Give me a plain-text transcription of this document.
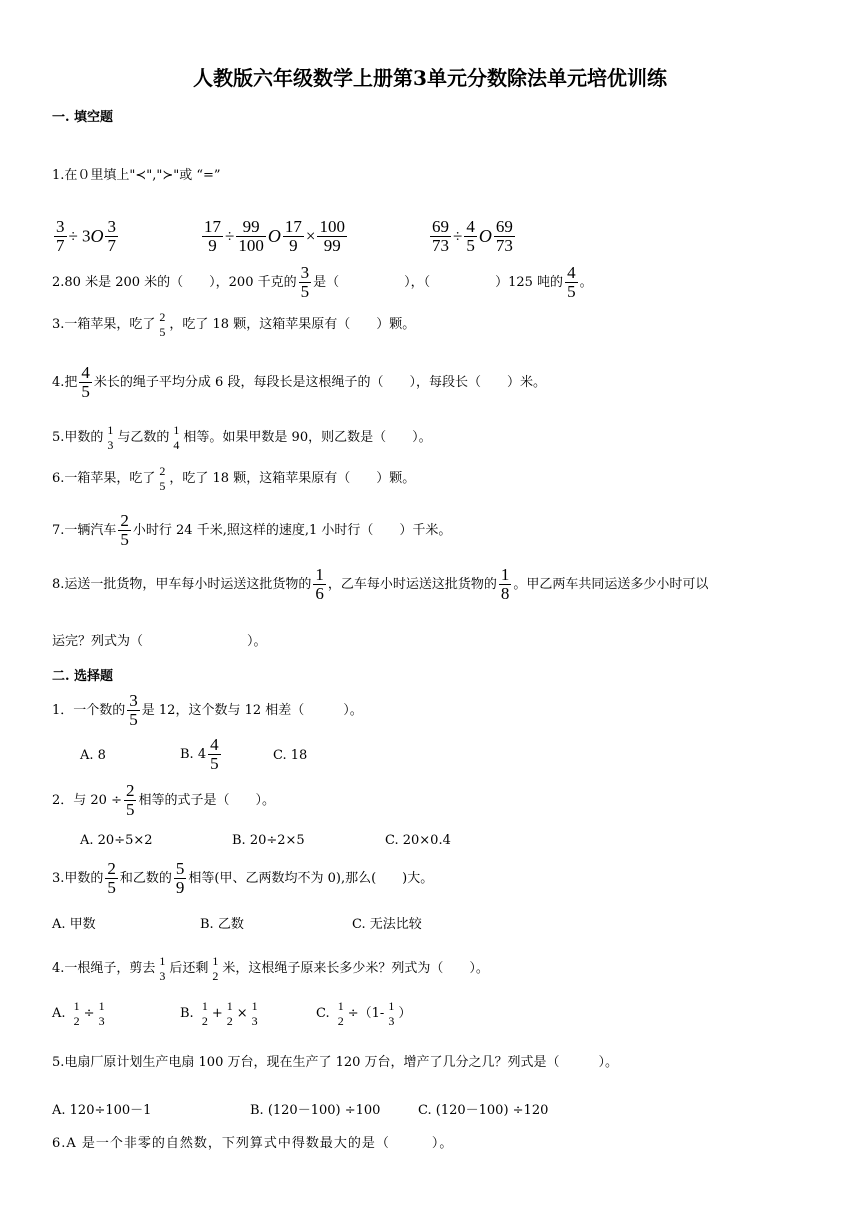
人教版六年级数学上册第3单元分数除法单元培优训练
一. 填空题
1.在０里填上"≺","≻"或 “=”
$\frac{3}{7} \div 3O \frac{3}{7}$	$\frac{17}{9} \div \frac{99}{100}$ O $\frac{17}{9} \times \frac{100}{99}$	$\frac{69}{73} \div \frac{4}{5}$ O $\frac{69}{73}$
2.80 米是 200 米的（　　），200 千克的 $\frac{3}{5}$ 是（　　　　　），（　　　　　）125 吨的 $\frac{4}{5}$ 。
3.一箱苹果，吃了
2
5 ，吃了 18 颗，这箱苹果原有（　　）颗。
4.把 $\frac{4}{5}$ 米长的绳子平均分成 6 段，每段长是这根绳子的（　　），每段长（　　）米。
5.甲数的
1
3 与乙数的
1
4 相等。如果甲数是 90，则乙数是（　　）。
6.一箱苹果，吃了
2
5 ，吃了 18 颗，这箱苹果原有（　　）颗。
7.一辆汽车 $\frac{2}{5}$ 小时行 24 千米,照这样的速度,1 小时行（　　）千米。
8.运送一批货物，甲车每小时运送这批货物的 $\frac{1}{6}$ ，乙车每小时运送这批货物的 $\frac{1}{8}$ 。甲乙两车共同运送多少小时可以
运完？列式为（　　　　　　　　）。
二. 选择题
1．一个数的 $\frac{3}{5}$ 是 12，这个数与 12 相差（　　　）。
A. 8	B. $4 \frac{4}{5}$	C. 18
2．与 $20 \div \frac{2}{5}$ 相等的式子是（　　）。
A. 20÷5×2	B. 20÷2×5	C. 20×0.4
3.甲数的 $\frac{2}{5}$ 和乙数的 $\frac{5}{9}$ 相等(甲、乙两数均不为 0),那么(　　)大。
A. 甲数	B. 乙数	C. 无法比较
4.一根绳子，剪去
1
3 后还剩
1
2 米，这根绳子原来长多少米？列式为（　　）。
A.
1
2 ÷
1
3	B.
1
2 +
1
2 ×
1
3	C.
1
2 ÷（1-
1
3 ）
5.电扇厂原计划生产电扇 100 万台，现在生产了 120 万台，增产了几分之几？列式是（　　　）。
A. 120÷100－1	B. (120－100) ÷100	C. (120－100) ÷120
6.A 是一个非零的自然数，下列算式中得数最大的是（　　　）。
